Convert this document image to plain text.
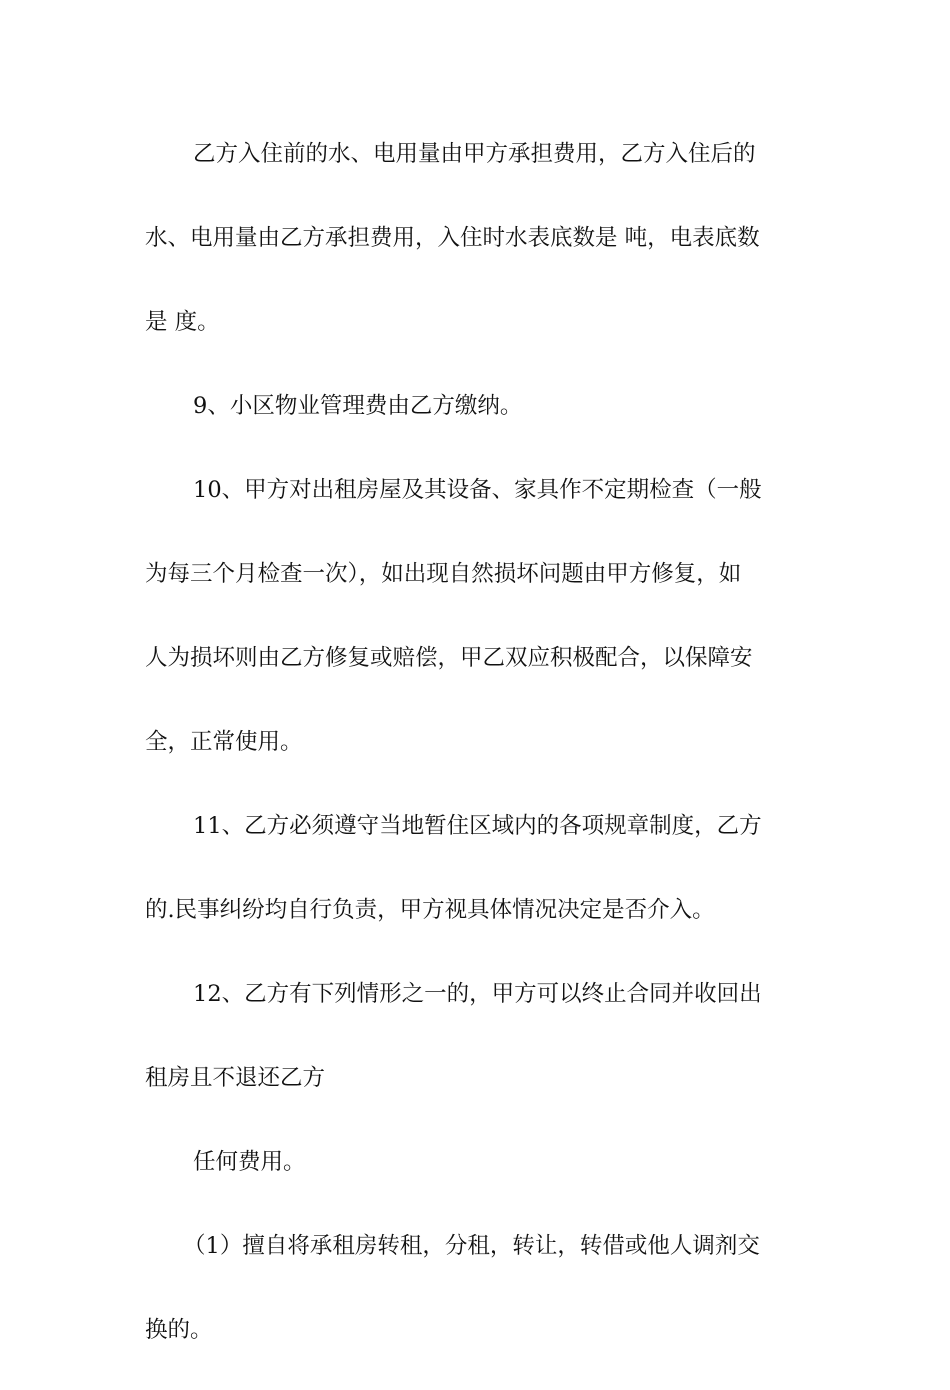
乙方入住前的水、电用量由甲方承担费用，乙方入住后的
水、电用量由乙方承担费用，入住时水表底数是 吨，电表底数
是 度。
9、小区物业管理费由乙方缴纳。
10、甲方对出租房屋及其设备、家具作不定期检查（一般
为每三个月检查一次），如出现自然损坏问题由甲方修复，如
人为损坏则由乙方修复或赔偿，甲乙双应积极配合，以保障安
全，正常使用。
11、乙方必须遵守当地暂住区域内的各项规章制度，乙方
的.民事纠纷均自行负责，甲方视具体情况决定是否介入。
12、乙方有下列情形之一的，甲方可以终止合同并收回出
租房且不退还乙方
任何费用。
（1）擅自将承租房转租，分租，转让，转借或他人调剂交
换的。
